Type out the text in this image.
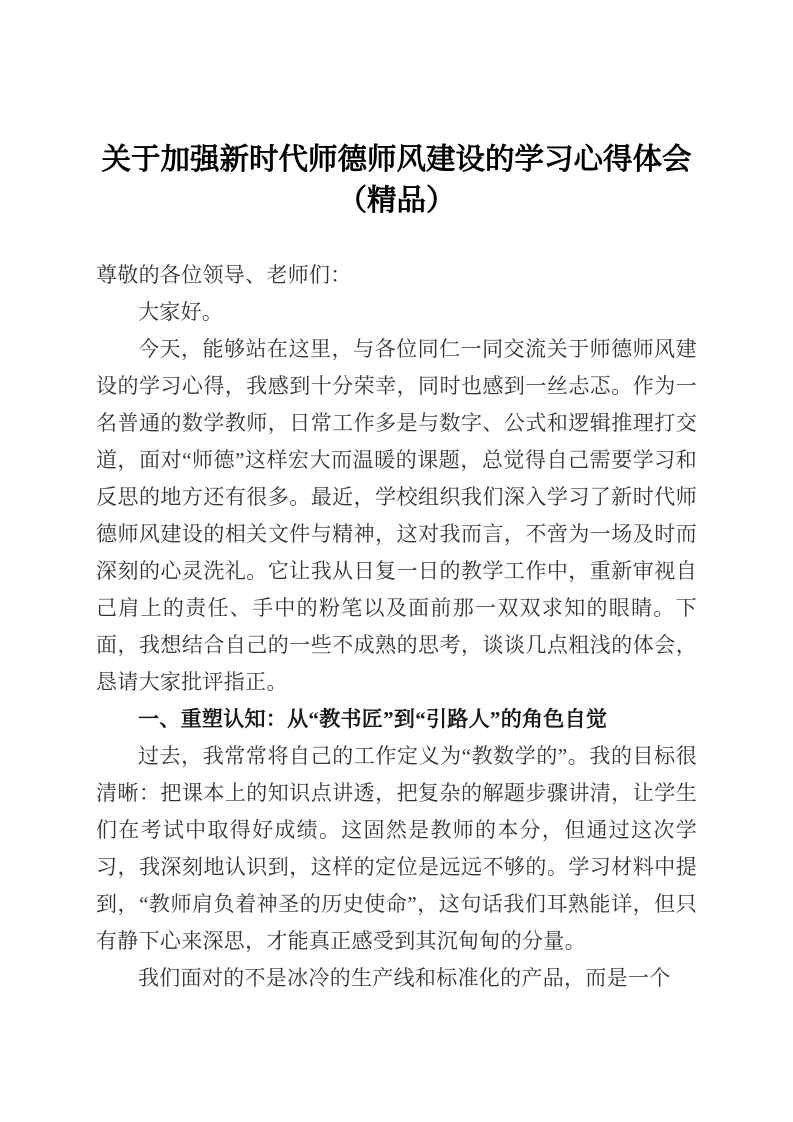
关于加强新时代师德师风建设的学习心得体会（精品）

尊敬的各位领导、老师们：

大家好。

今天，能够站在这里，与各位同仁一同交流关于师德师风建设的学习心得，我感到十分荣幸，同时也感到一丝忐忑。作为一名普通的数学教师，日常工作多是与数字、公式和逻辑推理打交道，面对“师德”这样宏大而温暖的课题，总觉得自己需要学习和反思的地方还有很多。最近，学校组织我们深入学习了新时代师德师风建设的相关文件与精神，这对我而言，不啻为一场及时而深刻的心灵洗礼。它让我从日复一日的教学工作中，重新审视自己肩上的责任、手中的粉笔以及面前那一双双求知的眼睛。下面，我想结合自己的一些不成熟的思考，谈谈几点粗浅的体会，恳请大家批评指正。

一、重塑认知：从“教书匠”到“引路人”的角色自觉

过去，我常常将自己的工作定义为“教数学的”。我的目标很清晰：把课本上的知识点讲透，把复杂的解题步骤讲清，让学生们在考试中取得好成绩。这固然是教师的本分，但通过这次学习，我深刻地认识到，这样的定位是远远不够的。学习材料中提到，“教师肩负着神圣的历史使命”，这句话我们耳熟能详，但只有静下心来深思，才能真正感受到其沉甸甸的分量。

我们面对的不是冰冷的生产线和标准化的产品，而是一个
